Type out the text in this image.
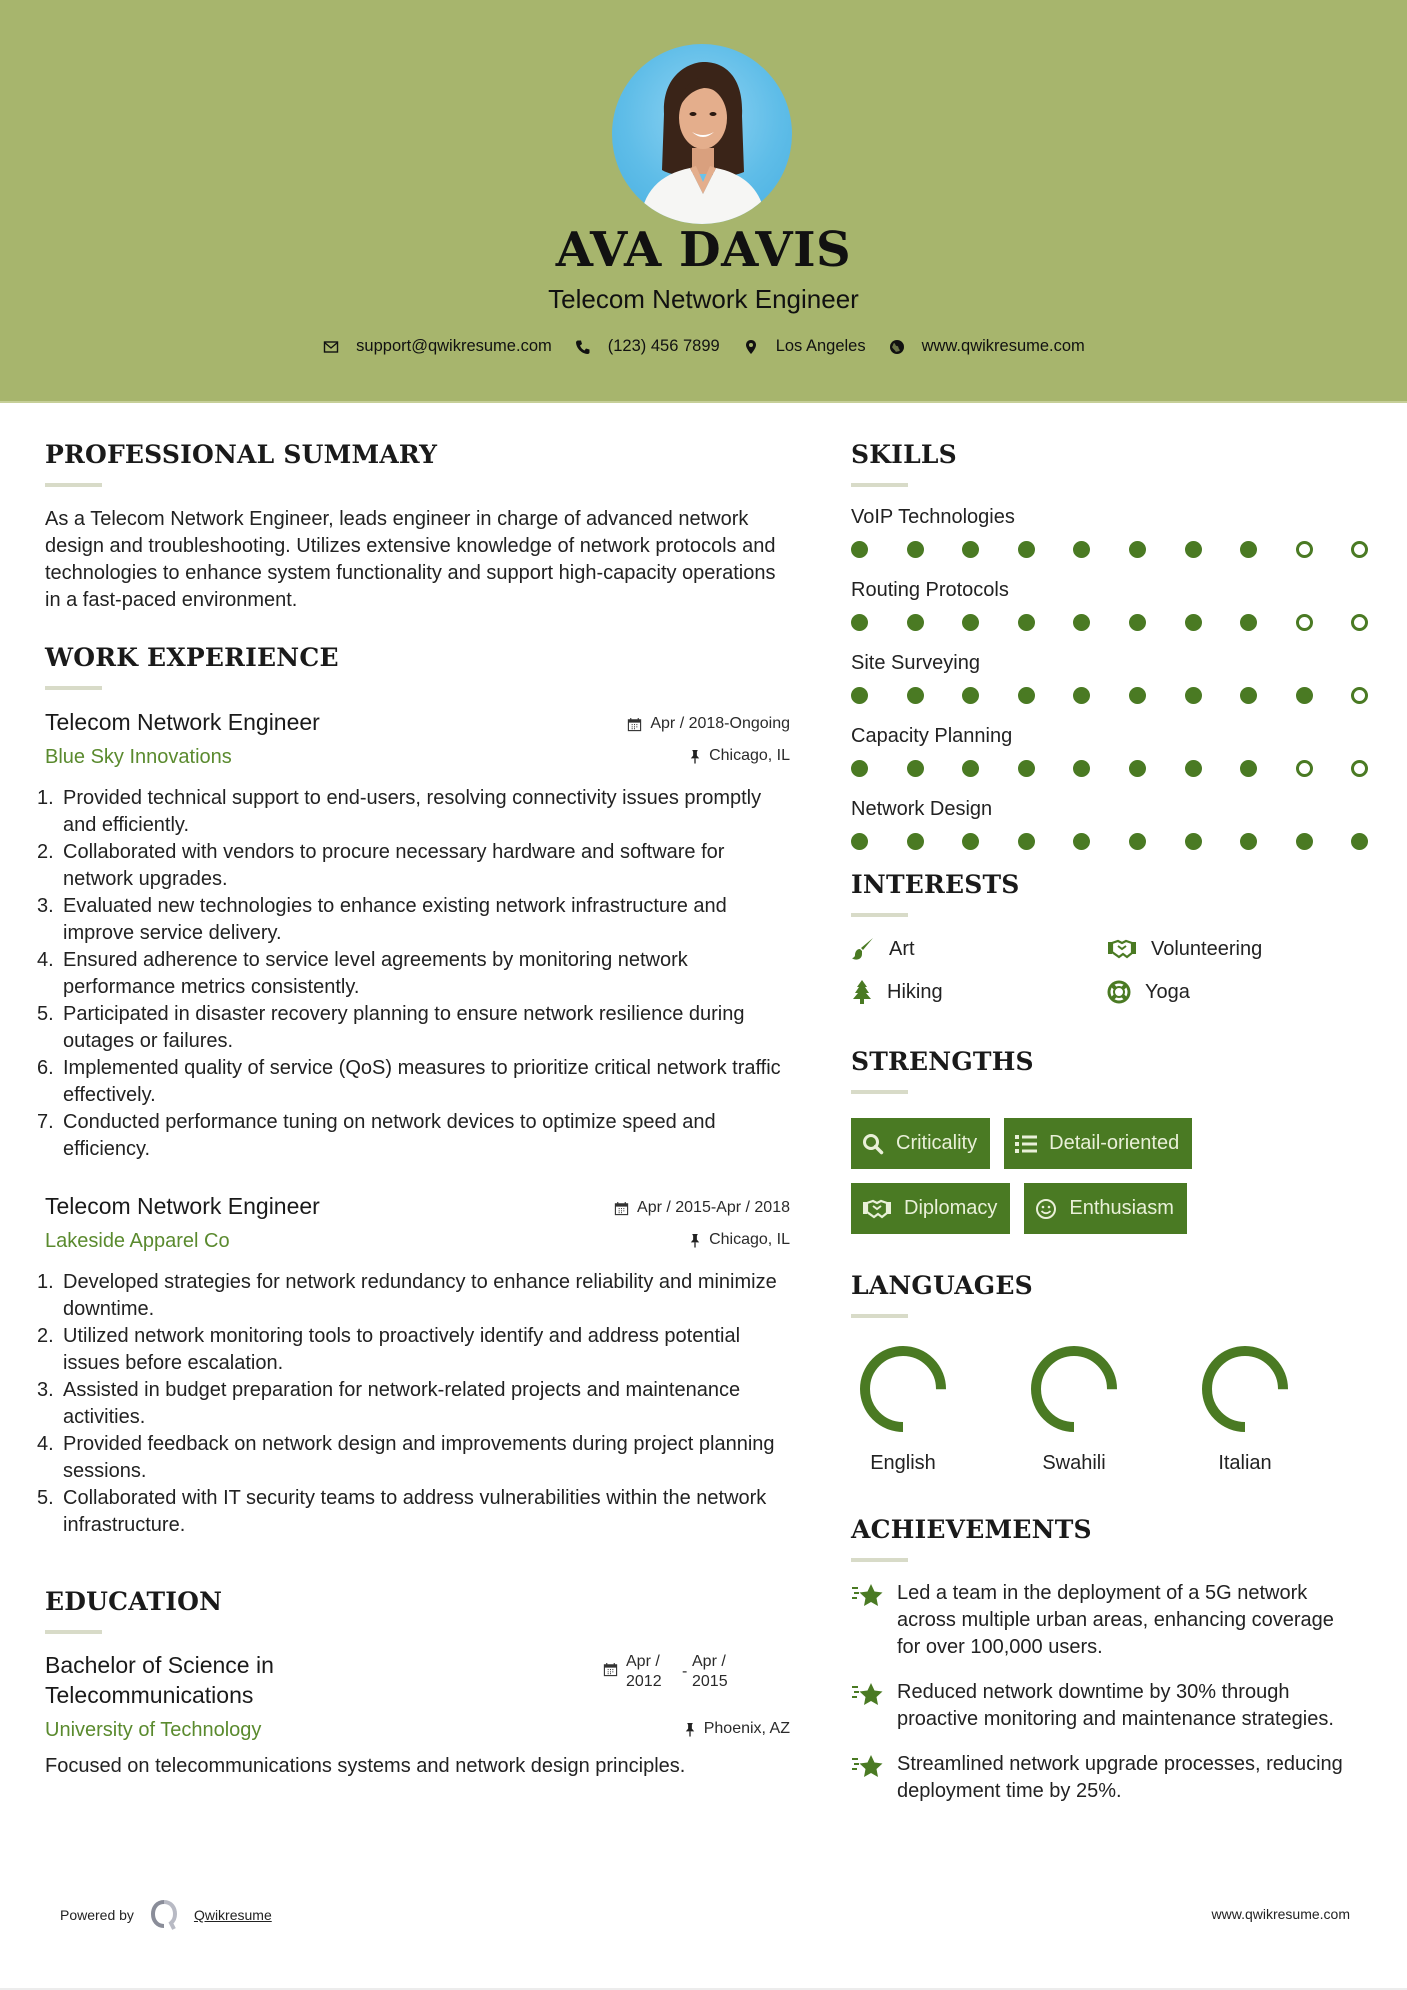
AVA DAVIS
Telecom Network Engineer
support@qwikresume.com	(123) 456 7899	Los Angeles	www.qwikresume.com
PROFESSIONAL SUMMARY

As a Telecom Network Engineer, leads engineer in charge of advanced network design and troubleshooting. Utilizes extensive knowledge of network protocols and technologies to enhance system functionality and support high-capacity operations in a fast-paced environment.

WORK EXPERIENCE
Telecom Network Engineer
Blue Sky Innovations
Apr / 2018-Ongoing
Chicago, IL
1. Provided technical support to end-users, resolving connectivity issues promptly and efficiently.
2. Collaborated with vendors to procure necessary hardware and software for network upgrades.
3. Evaluated new technologies to enhance existing network infrastructure and improve service delivery.
4. Ensured adherence to service level agreements by monitoring network performance metrics consistently.
5. Participated in disaster recovery planning to ensure network resilience during outages or failures.
6. Implemented quality of service (QoS) measures to prioritize critical network traffic effectively.
7. Conducted performance tuning on network devices to optimize speed and efficiency.
Telecom Network Engineer
Lakeside Apparel Co
Apr / 2015-Apr / 2018
Chicago, IL
1. Developed strategies for network redundancy to enhance reliability and minimize downtime.
2. Utilized network monitoring tools to proactively identify and address potential issues before escalation.
3. Assisted in budget preparation for network-related projects and maintenance activities.
4. Provided feedback on network design and improvements during project planning sessions.
5. Collaborated with IT security teams to address vulnerabilities within the network infrastructure.
EDUCATION
Bachelor of Science in Telecommunications
Apr /
2012
-
Apr /
2015
University of Technology	Phoenix, AZ

Focused on telecommunications systems and network design principles.

SKILLS
VoIP Technologies
Routing Protocols
Site Surveying
Capacity Planning
Network Design
INTERESTS
Art	Volunteering
Hiking	Yoga
STRENGTHS
Criticality	Detail-oriented
Diplomacy	Enthusiasm
LANGUAGES
English	Swahili	Italian
ACHIEVEMENTS
Led a team in the deployment of a 5G network across multiple urban areas, enhancing coverage for over 100,000 users.
Reduced network downtime by 30% through proactive monitoring and maintenance strategies.
Streamlined network upgrade processes, reducing deployment time by 25%.
Powered by	Qwikresume	www.qwikresume.com
